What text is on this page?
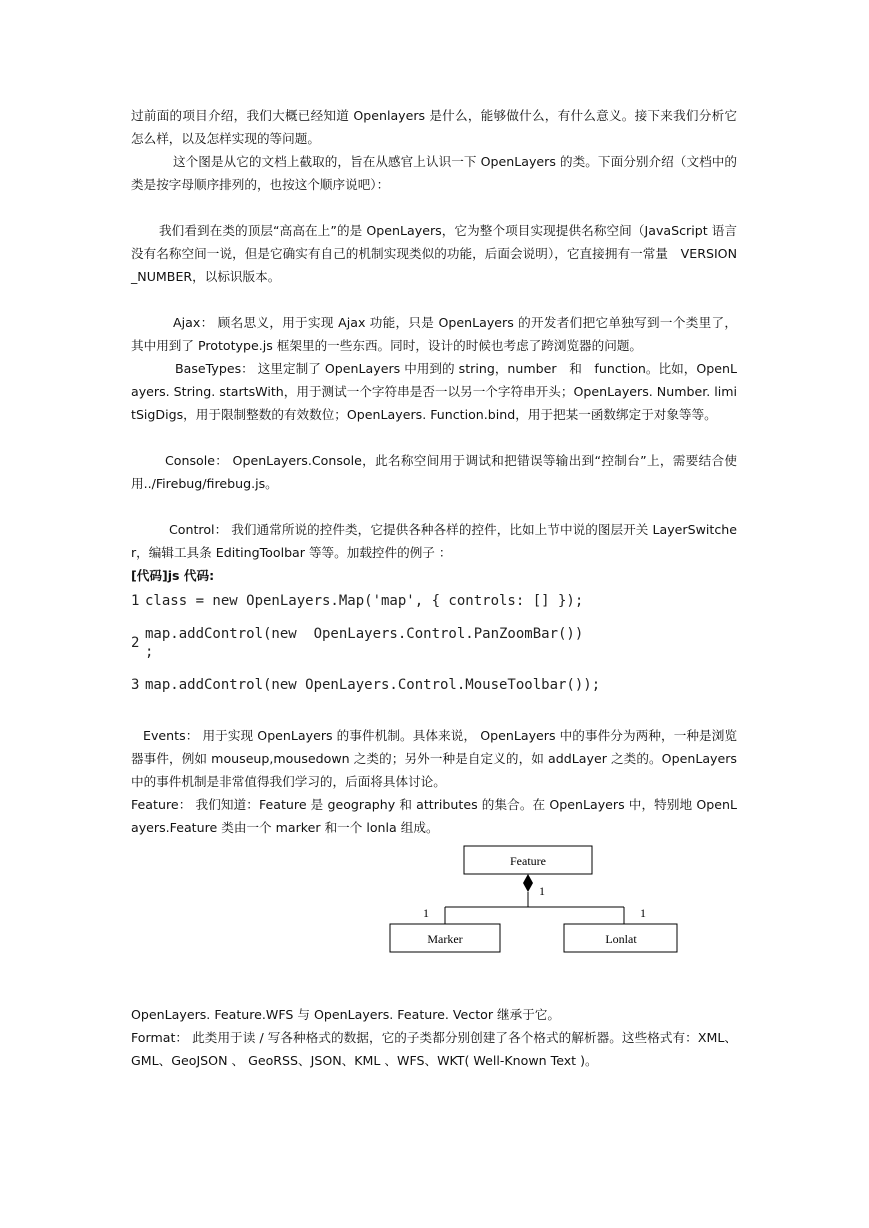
过前面的项目介绍，我们大概已经知道 Openlayers 是什么，能够做什么，有什么意义。接下来我们分析它怎么样，以及怎样实现的等问题。

这个图是从它的文档上截取的，旨在从感官上认识一下 OpenLayers 的类。下面分别介绍（文档中的类是按字母顺序排列的，也按这个顺序说吧）：

我们看到在类的顶层“高高在上”的是 OpenLayers，它为整个项目实现提供名称空间（JavaScript 语言没有名称空间一说，但是它确实有自己的机制实现类似的功能，后面会说明），它直接拥有一常量　VERSION_NUMBER，以标识版本。

Ajax： 顾名思义，用于实现 Ajax 功能，只是 OpenLayers 的开发者们把它单独写到一个类里了，其中用到了 Prototype.js 框架里的一些东西。同时，设计的时候也考虑了跨浏览器的问题。

BaseTypes： 这里定制了 OpenLayers 中用到的 string，number　和　function。比如，OpenLayers. String. startsWith，用于测试一个字符串是否一以另一个字符串开头；OpenLayers. Number. limitSigDigs，用于限制整数的有效数位；OpenLayers. Function.bind，用于把某一函数绑定于对象等等。

Console： OpenLayers.Console，此名称空间用于调试和把错误等输出到“控制台”上，需要结合使用../Firebug/firebug.js。

Control： 我们通常所说的控件类，它提供各种各样的控件，比如上节中说的图层开关 LayerSwitcher，编辑工具条 EditingToolbar 等等。加载控件的例子 ：

[代码]js 代码:

1 class = new OpenLayers.Map('map', { controls: [] });
2
map.addControl(new  OpenLayers.Control.PanZoomBar())
;
3 map.addControl(new OpenLayers.Control.MouseToolbar());

Events： 用于实现 OpenLayers 的事件机制。具体来说， OpenLayers 中的事件分为两种，一种是浏览器事件，例如 mouseup,mousedown 之类的；另外一种是自定义的，如 addLayer 之类的。OpenLayers 中的事件机制是非常值得我们学习的，后面将具体讨论。

Feature： 我们知道：Feature 是 geography 和 attributes 的集合。在 OpenLayers 中，特别地 OpenLayers.Feature 类由一个 marker 和一个 lonla 组成。

Feature
1
1	1
Marker	Lonlat

OpenLayers. Feature.WFS 与 OpenLayers. Feature. Vector 继承于它。

Format： 此类用于读 / 写各种格式的数据，它的子类都分别创建了各个格式的解析器。这些格式有：XML、 GML、GeoJSON 、 GeoRSS、JSON、KML 、WFS、WKT( Well-Known Text )。
